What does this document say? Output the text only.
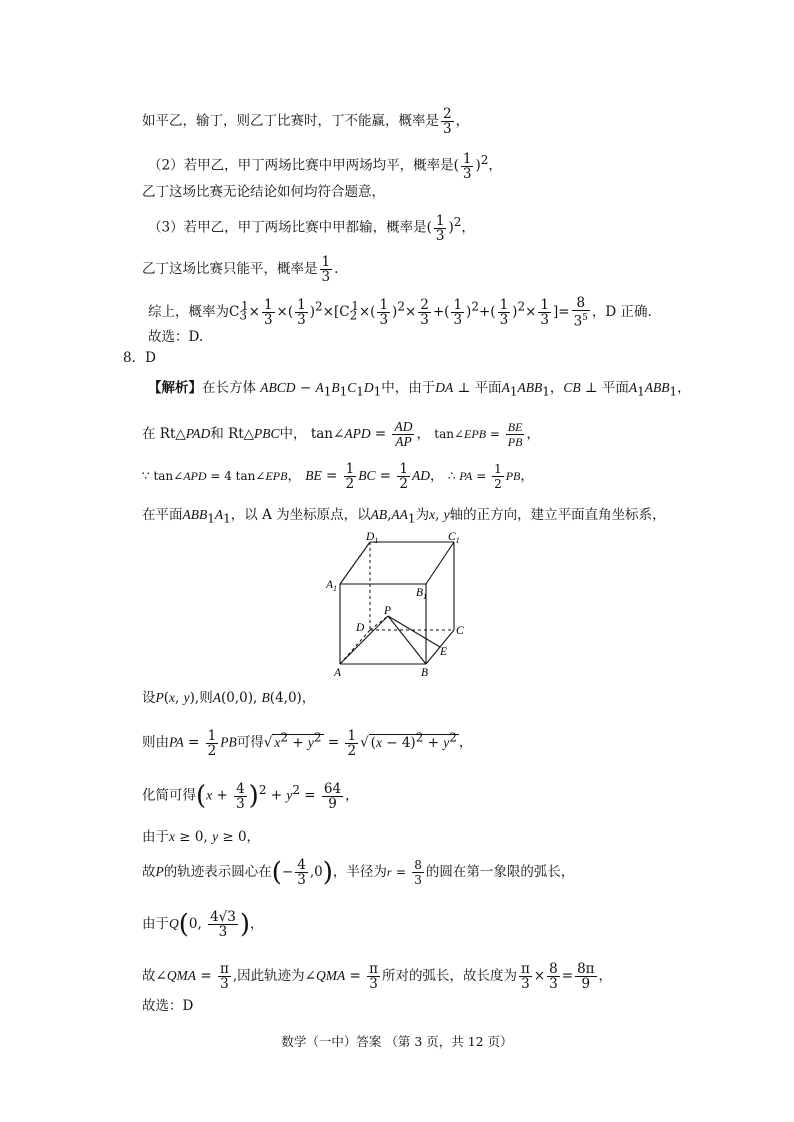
如平乙，输丁，则乙丁比赛时，丁不能赢，概率是 $\frac{2}{3}$ ，
（2）若甲乙，甲丁两场比赛中甲两场均平，概率是( $\frac{1}{3} )^2$，
乙丁这场比赛无论结论如何均符合题意，
（3）若甲乙，甲丁两场比赛中甲都输，概率是( $\frac{1}{3} )^2$，
乙丁这场比赛只能平，概率是 $\frac{1}{3}$ .
综上，概率为$C_3^1\times \frac{1}{3}$ ×( $\frac{1}{3} )^2\times[C_2^1\times( \frac{1}{3} )^2\times \frac{2}{3}$ +( $\frac{1}{3} )^2+( \frac{1}{3} )^2\times \frac{1}{3}$ ]= $\frac{8}{3^5}$ ，D 正确.
故选：D.
8．D
【解析】在长方体 ABCD − $A_1B_1C_1D_1$中，由于DA ⊥ 平面$A_1ABB_1$，CB ⊥ 平面$A_1ABB_1$，
在 Rt△PAD和 Rt△PBC中， tan∠APD = $\frac{AD}{AP}$ ， tan∠EPB = $\frac{BE}{PB}$ ，
∵ tan∠APD = 4 tan∠EPB， BE = $\frac{1}{2}$ BC = $\frac{1}{2}$ AD， ∴ PA = $\frac{1}{2}$ PB，
在平面$ABB_1A_1$，以 A 为坐标原点，以$AB,AA_1$为x, y轴的正方向，建立平面直角坐标系，
$D_1$	$C_1$
$A_1$	$B_1$
P
D	C
E
A	B
设P(x, y),则A(0,0), B(4,0)，
则由PA = $\frac{1}{2}$ PB可得√ $x^2 + y^2 = \frac{1}{2}$ √ $(x - 4)^2 + y^2$ ，
化简可得$(x + \frac{4}{3} )^2 + y^2 = \frac{64}{9}$ ，
由于x ≥ 0, y ≥ 0，
故P的轨迹表示圆心在(− $\frac{4}{3} ,0$)，半径为$r = \frac{8}{3}$ 的圆在第一象限的弧长，
由于Q(0, $\frac{4√3}{3}$ )，
故∠QMA = $\frac{\pi}{3}$ ,因此轨迹为∠QMA = $\frac{\pi}{3}$ 所对的弧长，故长度为 $\frac{\pi}{3} \times \frac{8}{3} = \frac{8\pi}{9}$ ，
故选：D
数学（一中）答案 （第 3 页，共 12 页）
